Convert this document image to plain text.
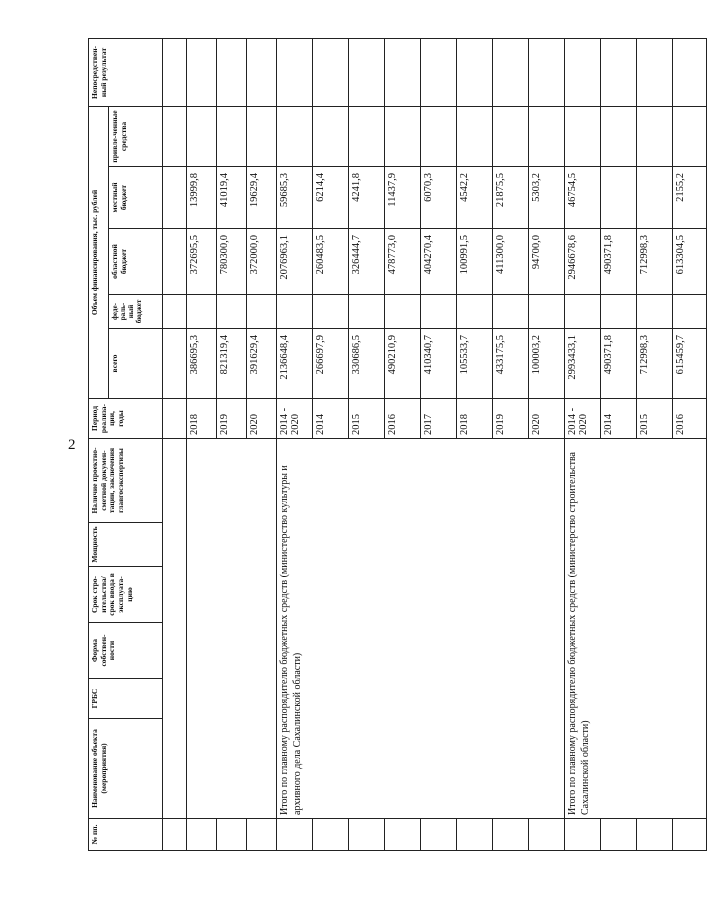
2
№ пп.	Наименование объекта (мероприятия)	ГРБС	Форма собствен-ности	Срок стро-ительства/ срок ввода в эксплуата-цию	Мощность	Наличие проектно-сметной докумен-тации, заключения главгосэкспертизы	Период реализа-ции, годы	Объем финансирования, тыс. рублей					Непосредствен-ный результат
								всего	феде-раль-ный бюджет	областной бюджет	местный бюджет	привле-ченные средства	

							2018	386695,3		372695,5	13999,8		
							2019	821319,4		780300,0	41019,4		
							2020	391629,4		372000,0	19629,4		
	Итого по главному распорядителю бюджетных средств (министерство культуры и архивного дела Сахалинской области)						2014 - 2020	2136648,4		2076963,1	59685,3		
							2014	266697,9		260483,5	6214,4		
							2015	330686,5		326444,7	4241,8		
							2016	490210,9		478773,0	11437,9		
							2017	410340,7		404270,4	6070,3		
							2018	105533,7		100991,5	4542,2		
							2019	433175,5		411300,0	21875,5		
							2020	100003,2		94700,0	5303,2		
	Итого по главному распорядителю бюджетных средств (министерство строительства Сахалинской области)						2014 - 2020	2993433,1		2946678,6	46754,5		
							2014	490371,8		490371,8			
							2015	712998,3		712998,3			
							2016	615459,7		613304,5	2155,2		
